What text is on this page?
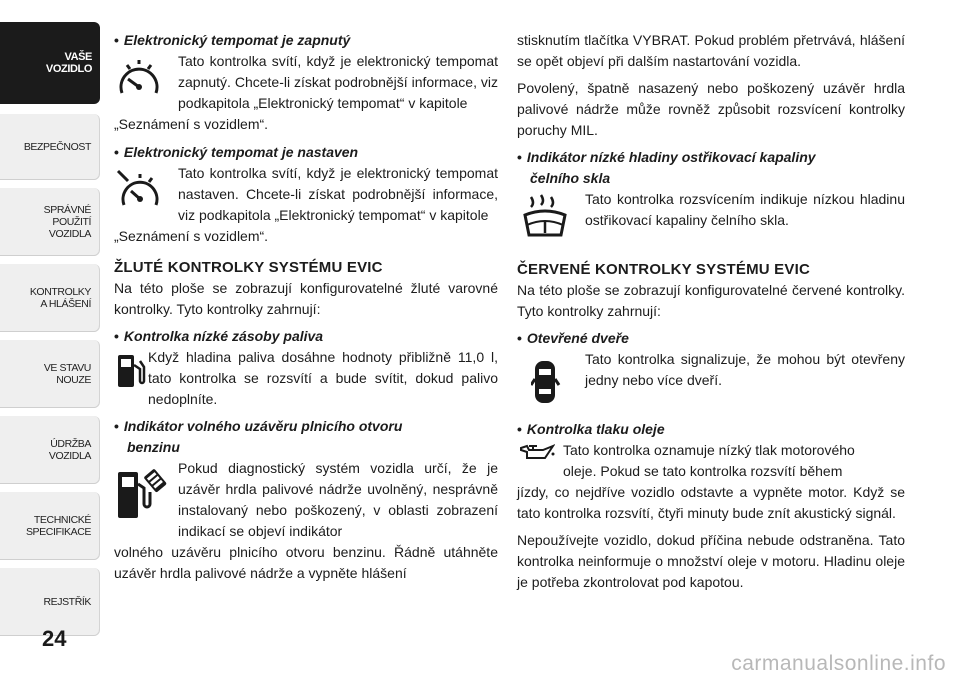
VAŠE
VOZIDLO
BEZPEČNOST
SPRÁVNÉ
POUŽITÍ
VOZIDLA
KONTROLKY
A HLÁŠENÍ
VE STAVU
NOUZE
ÚDRŽBA
VOZIDLA
TECHNICKÉ
SPECIFIKACE
REJSTŘÍK
24
• Elektronický tempomat je zapnutý

Tato kontrolka svítí, když je elektronický tempomat zapnutý. Chcete-li získat podrobnější informace, viz podkapitola „Elektronický tempomat“ v kapitole

„Seznámení s vozidlem“.

• Elektronický tempomat je nastaven

Tato kontrolka svítí, když je elektronický tempomat nastaven. Chcete-li získat podrobnější informace, viz podkapitola „Elektronický tempomat“ v kapitole

„Seznámení s vozidlem“.

ŽLUTÉ KONTROLKY SYSTÉMU EVIC

Na této ploše se zobrazují konfigurovatelné žluté varovné kontrolky. Tyto kontrolky zahrnují:

• Kontrolka nízké zásoby paliva

Když hladina paliva dosáhne hodnoty přibližně 11,0 l, tato kontrolka se rozsvítí a bude svítit, dokud palivo nedoplníte.

• Indikátor volného uzávěru plnicího otvoru
benzinu

Pokud diagnostický systém vozidla určí, že je uzávěr hrdla palivové nádrže uvolněný, nesprávně instalovaný nebo poškozený, v oblasti zobrazení indikací se objeví indikátor

volného uzávěru plnicího otvoru benzinu. Řádně utáhněte uzávěr hrdla palivové nádrže a vypněte hlášení

stisknutím tlačítka VYBRAT. Pokud problém přetrvává, hlášení se opět objeví při dalším nastartování vozidla.

Povolený, špatně nasazený nebo poškozený uzávěr hrdla palivové nádrže může rovněž způsobit rozsvícení kontrolky poruchy MIL.

• Indikátor nízké hladiny ostřikovací kapaliny
čelního skla

Tato kontrolka rozsvícením indikuje nízkou hladinu ostřikovací kapaliny čelního skla.

ČERVENÉ KONTROLKY SYSTÉMU EVIC

Na této ploše se zobrazují konfigurovatelné červené kontrolky. Tyto kontrolky zahrnují:

• Otevřené dveře

Tato kontrolka signalizuje, že mohou být otevřeny jedny nebo více dveří.

• Kontrolka tlaku oleje

Tato kontrolka oznamuje nízký tlak motorového

oleje. Pokud se tato kontrolka rozsvítí během

jízdy, co nejdříve vozidlo odstavte a vypněte motor. Když se tato kontrolka rozsvítí, čtyři minuty bude znít akustický signál.

Nepoužívejte vozidlo, dokud příčina nebude odstraněna. Tato kontrolka neinformuje o množství oleje v motoru. Hladinu oleje je potřeba zkontrolovat pod kapotou.

carmanualsonline.info
